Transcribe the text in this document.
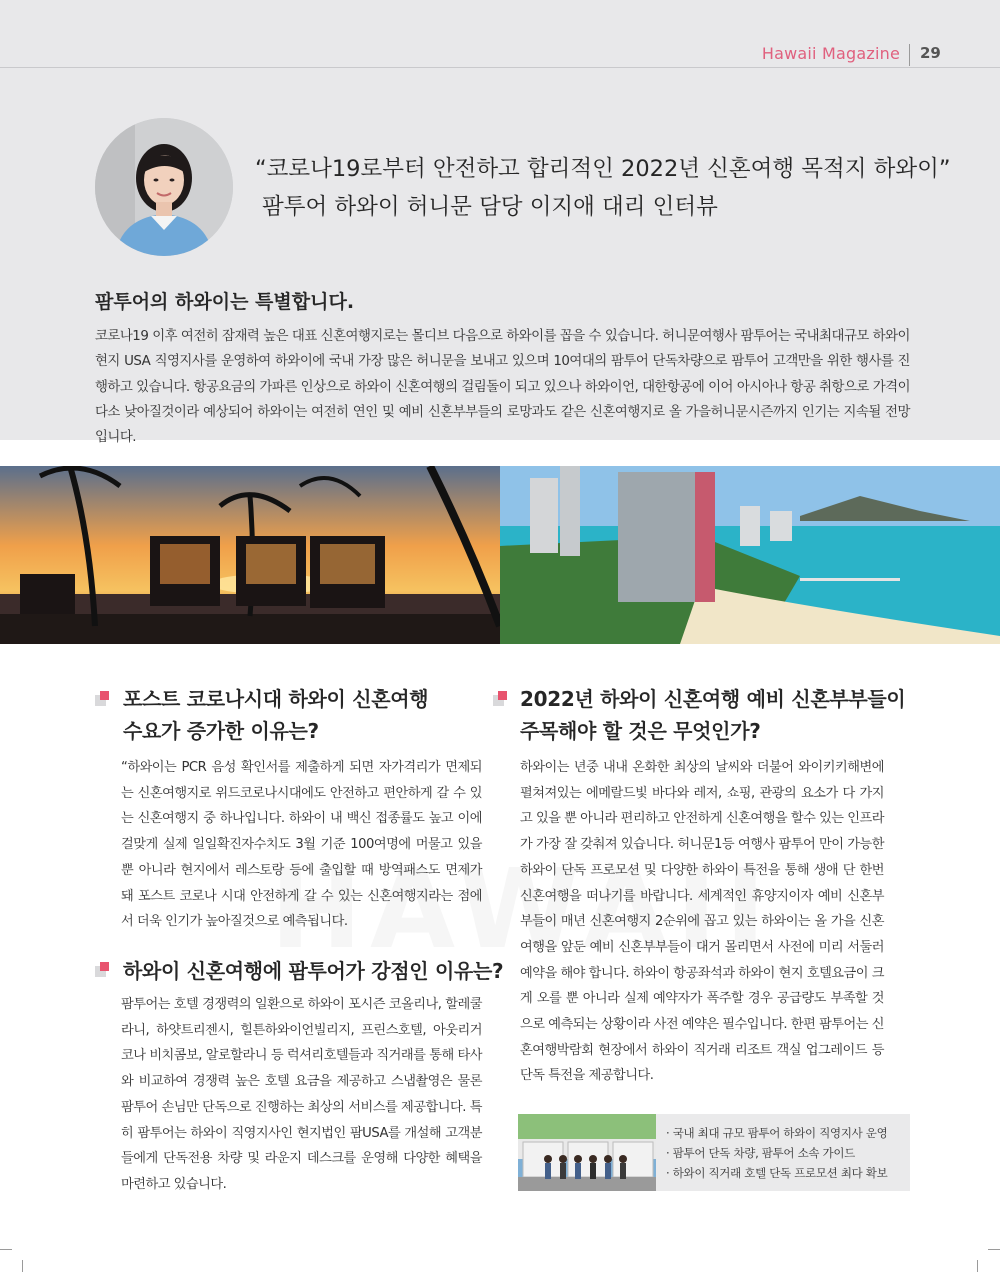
Hawaii Magazine 29
“코로나19로부터 안전하고 합리적인 2022년 신혼여행 목적지 하와이”
팜투어 하와이 허니문 담당 이지애 대리 인터뷰
팜투어의 하와이는 특별합니다.
코로나19 이후 여전히 잠재력 높은 대표 신혼여행지로는 몰디브 다음으로 하와이를 꼽을 수 있습니다. 허니문여행사 팜투어는 국내최대규모 하와이 현지 USA 직영지사를 운영하여 하와이에 국내 가장 많은 허니문을 보내고 있으며 10여대의 팜투어 단독차량으로 팜투어 고객만을 위한 행사를 진행하고 있습니다. 항공요금의 가파른 인상으로 하와이 신혼여행의 걸림돌이 되고 있으나 하와이언, 대한항공에 이어 아시아나 항공 취항으로 가격이 다소 낮아질것이라 예상되어 하와이는 여전히 연인 및 예비 신혼부부들의 로망과도 같은 신혼여행지로 올 가을허니문시즌까지 인기는 지속될 전망입니다.
포스트 코로나시대 하와이 신혼여행
수요가 증가한 이유는?
“하와이는 PCR 음성 확인서를 제출하게 되면 자가격리가 면제되는 신혼여행지로 위드코로나시대에도 안전하고 편안하게 갈 수 있는 신혼여행지 중 하나입니다. 하와이 내 백신 접종률도 높고 이에 걸맞게 실제 일일확진자수치도 3월 기준 100여명에 머물고 있을 뿐 아니라 현지에서 레스토랑 등에 출입할 때 방역패스도 면제가 돼 포스트 코로나 시대 안전하게 갈 수 있는 신혼여행지라는 점에서 더욱 인기가 높아질것으로 예측됩니다.
하와이 신혼여행에 팜투어가 강점인 이유는?
팜투어는 호텔 경쟁력의 일환으로 하와이 포시즌 코올리나, 할레쿨라니, 하얏트리젠시, 힐튼하와이언빌리지, 프린스호텔, 아웃리거 코나 비치콤보, 알로할라니 등 럭셔리호텔들과 직거래를 통해 타사와 비교하여 경쟁력 높은 호텔 요금을 제공하고 스냅촬영은 물론 팜투어 손님만 단독으로 진행하는 최상의 서비스를 제공합니다. 특히 팜투어는 하와이 직영지사인 현지법인 팜USA를 개설해 고객분 들에게 단독전용 차량 및 라운지 데스크를 운영해 다양한 혜택을 마련하고 있습니다.
2022년 하와이 신혼여행 예비 신혼부부들이
주목해야 할 것은 무엇인가?
하와이는 년중 내내 온화한 최상의 날씨와 더불어 와이키키해변에 펼쳐져있는 에메랄드빛 바다와 레저, 쇼핑, 관광의 요소가 다 가지고 있을 뿐 아니라 편리하고 안전하게 신혼여행을 할수 있는 인프라가 가장 잘 갖춰져 있습니다. 허니문1등 여행사 팜투어 만이 가능한 하와이 단독 프로모션 및 다양한 하와이 특전을 통해 생애 단 한번 신혼여행을 떠나기를 바랍니다. 세계적인 휴양지이자 예비 신혼부부들이 매년 신혼여행지 2순위에 꼽고 있는 하와이는 올 가을 신혼여행을 앞둔 예비 신혼부부들이 대거 몰리면서 사전에 미리 서둘러 예약을 해야 합니다. 하와이 항공좌석과 하와이 현지 호텔요금이 크게 오를 뿐 아니라 실제 예약자가 폭주할 경우 공급량도 부족할 것으로 예측되는 상황이라 사전 예약은 필수입니다. 한편 팜투어는 신혼여행박람회 현장에서 하와이 직거래 리조트 객실 업그레이드 등 단독 특전을 제공합니다.
· 국내 최대 규모 팜투어 하와이 직영지사 운영
· 팜투어 단독 차량, 팜투어 소속 가이드
· 하와이 직거래 호텔 단독 프로모션 최다 확보
